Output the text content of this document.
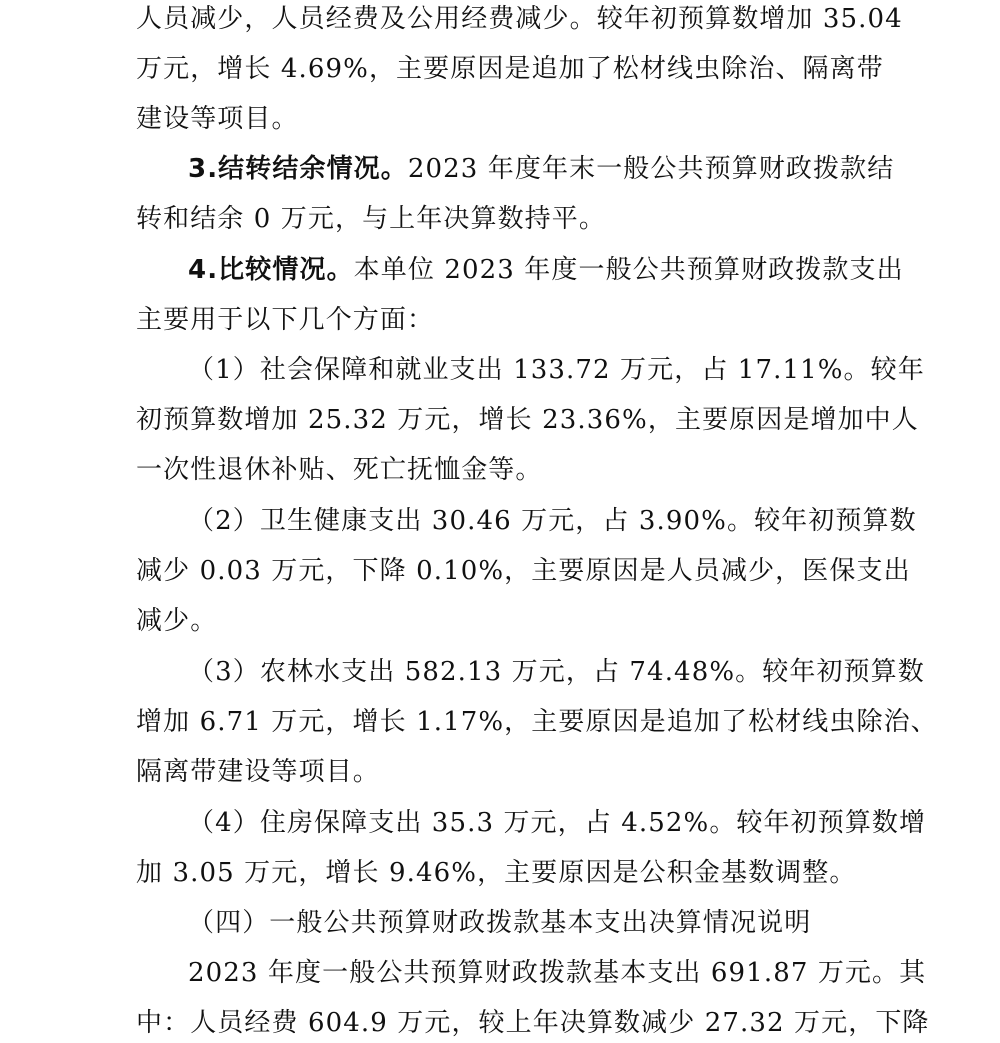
人员减少，人员经费及公用经费减少。较年初预算数增加 35.04
万元，增长 4.69%，主要原因是追加了松材线虫除治、隔离带
建设等项目。
3.结转结余情况。2023 年度年末一般公共预算财政拨款结
转和结余 0 万元，与上年决算数持平。
4.比较情况。本单位 2023 年度一般公共预算财政拨款支出
主要用于以下几个方面：
（1）社会保障和就业支出 133.72 万元，占 17.11%。较年
初预算数增加 25.32 万元，增长 23.36%，主要原因是增加中人
一次性退休补贴、死亡抚恤金等。
（2）卫生健康支出 30.46 万元，占 3.90%。较年初预算数
减少 0.03 万元，下降 0.10%，主要原因是人员减少，医保支出
减少。
（3）农林水支出 582.13 万元，占 74.48%。较年初预算数
增加 6.71 万元，增长 1.17%，主要原因是追加了松材线虫除治、
隔离带建设等项目。
（4）住房保障支出 35.3 万元，占 4.52%。较年初预算数增
加 3.05 万元，增长 9.46%，主要原因是公积金基数调整。
（四）一般公共预算财政拨款基本支出决算情况说明
2023 年度一般公共预算财政拨款基本支出 691.87 万元。其
中：人员经费 604.9 万元，较上年决算数减少 27.32 万元，下降
